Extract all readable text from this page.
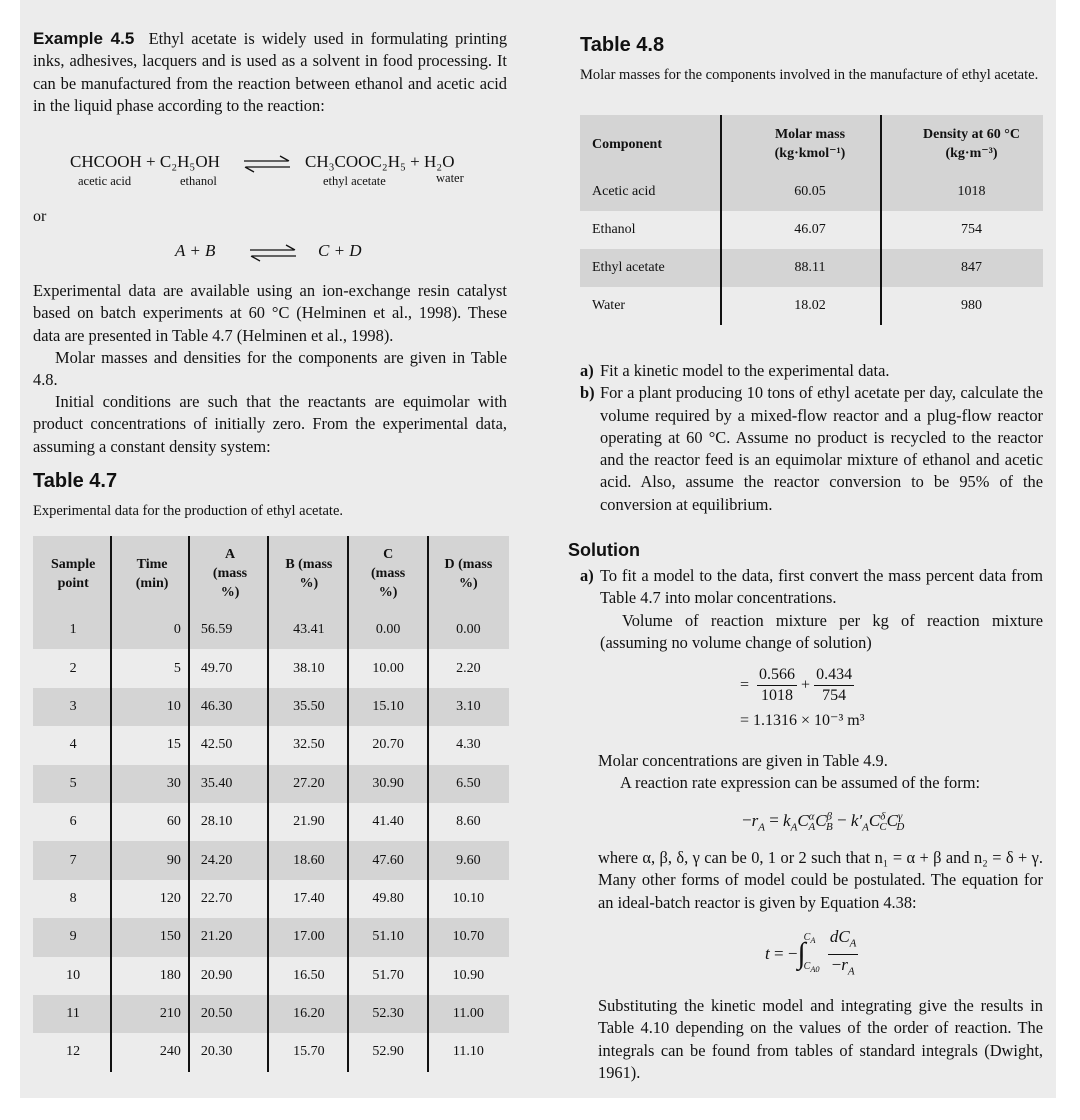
Example 4.5 Ethyl acetate is widely used in formulating printing inks, adhesives, lacquers and is used as a solvent in food processing. It can be manufactured from the reaction between ethanol and acetic acid in the liquid phase according to the reaction:
CHCOOH + C₂H₅OH ⇌ CH₃COOC₂H₅ + H₂O
acetic acid	ethanol	ethyl acetate	water
or
A + B ⇌ C + D
Experimental data are available using an ion-exchange resin catalyst based on batch experiments at 60 °C (Helminen et al., 1998). These data are presented in Table 4.7 (Helminen et al., 1998).
Molar masses and densities for the components are given in Table 4.8.
Initial conditions are such that the reactants are equimolar with product concentrations of initially zero. From the experimental data, assuming a constant density system:
Table 4.7
Experimental data for the production of ethyl acetate.
Sample point	Time (min)	A (mass %)	B (mass %)	C (mass %)	D (mass %)
1	0	56.59	43.41	0.00	0.00
2	5	49.70	38.10	10.00	2.20
3	10	46.30	35.50	15.10	3.10
4	15	42.50	32.50	20.70	4.30
5	30	35.40	27.20	30.90	6.50
6	60	28.10	21.90	41.40	8.60
7	90	24.20	18.60	47.60	9.60
8	120	22.70	17.40	49.80	10.10
9	150	21.20	17.00	51.10	10.70
10	180	20.90	16.50	51.70	10.90
11	210	20.50	16.20	52.30	11.00
12	240	20.30	15.70	52.90	11.10
Table 4.8
Molar masses for the components involved in the manufacture of ethyl acetate.
Component	Molar mass (kg·kmol⁻¹)	Density at 60 °C (kg·m⁻³)
Acetic acid	60.05	1018
Ethanol	46.07	754
Ethyl acetate	88.11	847
Water	18.02	980
a) Fit a kinetic model to the experimental data.
b) For a plant producing 10 tons of ethyl acetate per day, calculate the volume required by a mixed-flow reactor and a plug-flow reactor operating at 60 °C. Assume no product is recycled to the reactor and the reactor feed is an equimolar mixture of ethanol and acetic acid. Also, assume the reactor conversion to be 95% of the conversion at equilibrium.
Solution
a) To fit a model to the data, first convert the mass percent data from Table 4.7 into molar concentrations.
Volume of reaction mixture per kg of reaction mixture (assuming no volume change of solution)
= $\frac{0.566}{1018} + \frac{0.434}{754}$
= 1.1316 × 10⁻³ m³
Molar concentrations are given in Table 4.9.
A reaction rate expression can be assumed of the form:
$-r_A = k_AC^\alpha_AC^\beta_B - k'_AC^\delta_CC^\gamma_D$
where α, β, δ, γ can be 0, 1 or 2 such that n₁ = α + β and n₂ = δ + γ. Many other forms of model could be postulated. The equation for an ideal-batch reactor is given by Equation 4.38:
$t = -\int C_A$
$C_{A0} \frac{dC_A}{-r_A}$
Substituting the kinetic model and integrating give the results in Table 4.10 depending on the values of the order of reaction. The integrals can be found from tables of standard integrals (Dwight, 1961).
